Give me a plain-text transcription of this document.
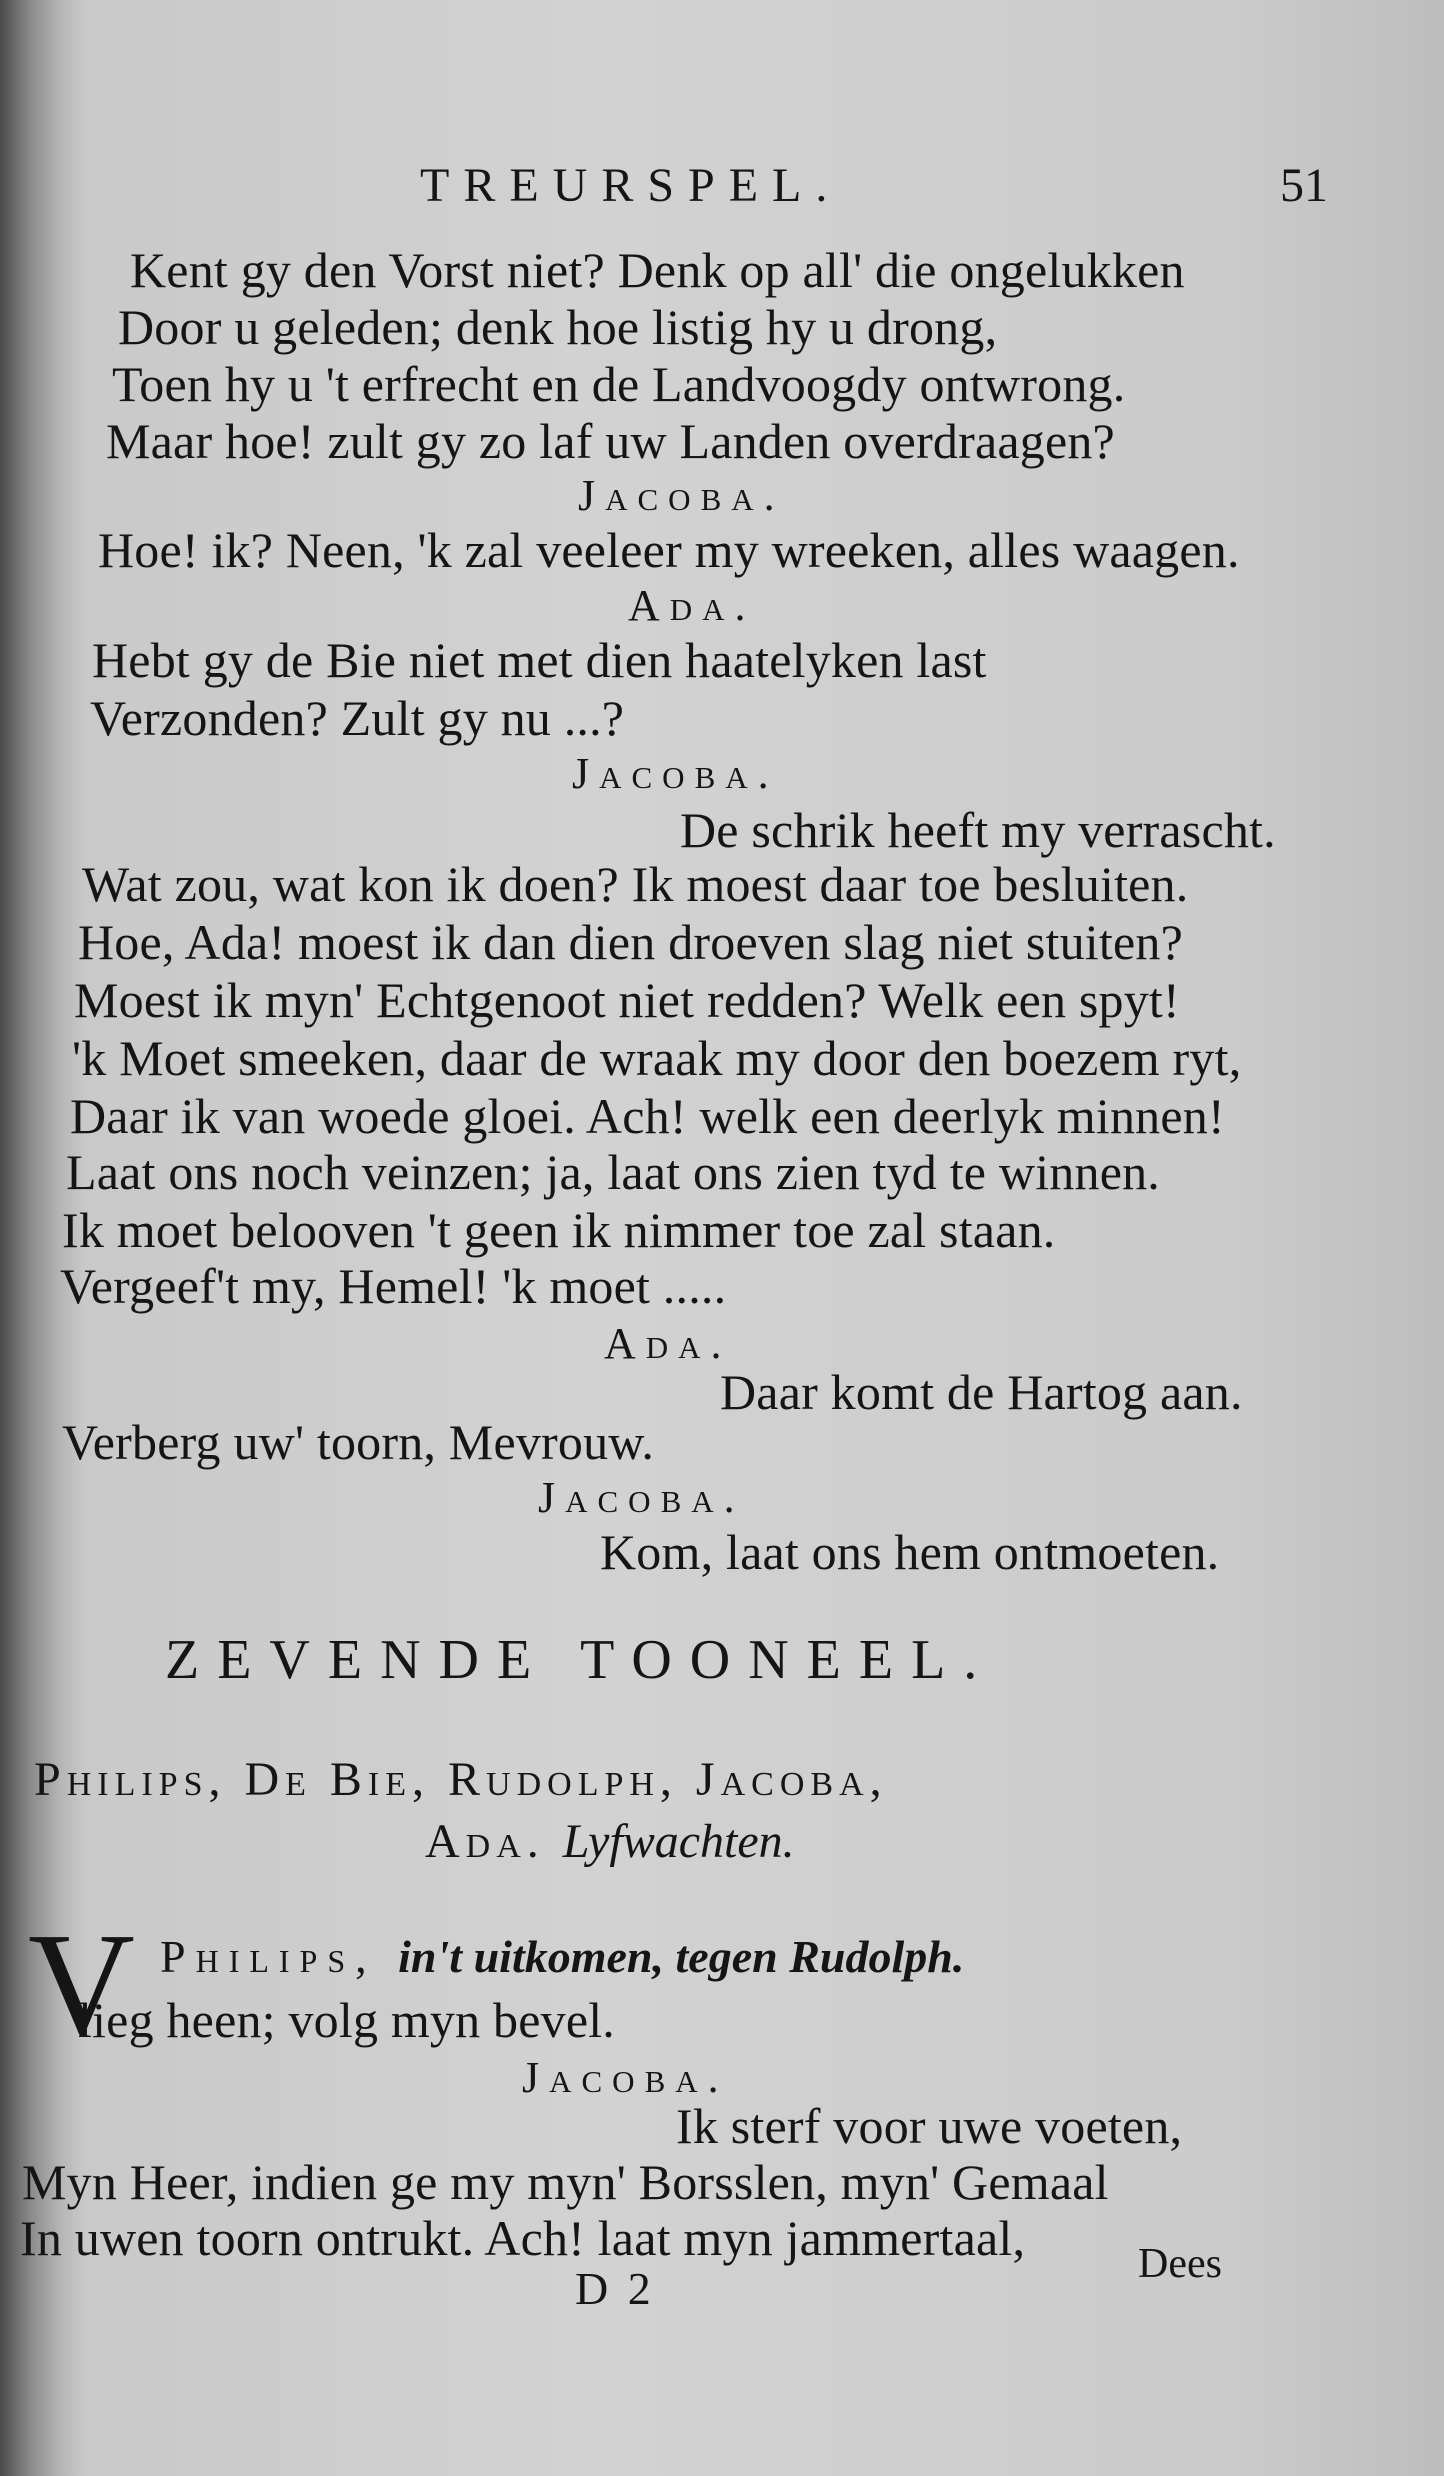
TREURSPEL.	51
Kent gy den Vorst niet? Denk op all' die ongelukken
Door u geleden; denk hoe listig hy u drong,
Toen hy u 't erfrecht en de Landvoogdy ontwrong.
Maar hoe! zult gy zo laf uw Landen overdraagen?
Jacoba.
Hoe! ik? Neen, 'k zal veeleer my wreeken, alles waagen.
Ada.
Hebt gy de Bie niet met dien haatelyken last
Verzonden? Zult gy nu ...?
Jacoba.
De schrik heeft my verrascht.
Wat zou, wat kon ik doen? Ik moest daar toe besluiten.
Hoe, Ada! moest ik dan dien droeven slag niet stuiten?
Moest ik myn' Echtgenoot niet redden? Welk een spyt!
'k Moet smeeken, daar de wraak my door den boezem ryt,
Daar ik van woede gloei. Ach! welk een deerlyk minnen!
Laat ons noch veinzen; ja, laat ons zien tyd te winnen.
Ik moet belooven 't geen ik nimmer toe zal staan.
Vergeef't my, Hemel! 'k moet .....
Ada.
Daar komt de Hartog aan.
Verberg uw' toorn, Mevrouw.
Jacoba.
Kom, laat ons hem ontmoeten.
ZEVENDE TOONEEL.
Philips, De Bie, Rudolph, Jacoba,
Ada. Lyfwachten.
V Philips, in't uitkomen, tegen Rudolph.
lieg heen; volg myn bevel.
Jacoba.
Ik sterf voor uwe voeten,
Myn Heer, indien ge my myn' Borsslen, myn' Gemaal
In uwen toorn ontrukt. Ach! laat myn jammertaal,
D 2	Dees
